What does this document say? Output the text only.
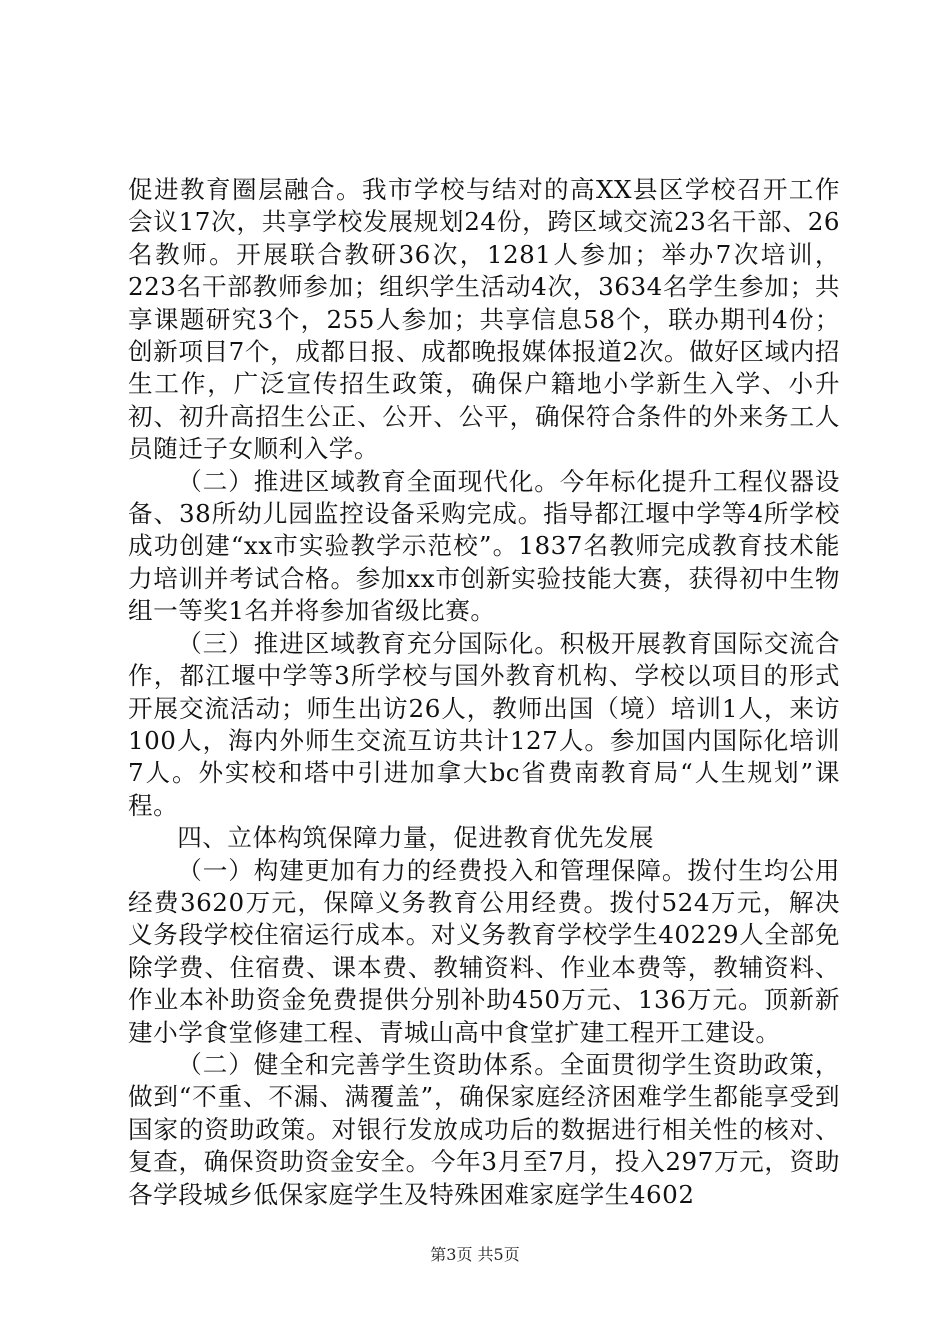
促进教育圈层融合。我市学校与结对的高XX县区学校召开工作会议17次，共享学校发展规划24份，跨区域交流23名干部、26名教师。开展联合教研36次，1281人参加；举办7次培训，223名干部教师参加；组织学生活动4次，3634名学生参加；共享课题研究3个，255人参加；共享信息58个，联办期刊4份；创新项目7个，成都日报、成都晚报媒体报道2次。做好区域内招生工作，广泛宣传招生政策，确保户籍地小学新生入学、小升初、初升高招生公正、公开、公平，确保符合条件的外来务工人员随迁子女顺利入学。

（二）推进区域教育全面现代化。今年标化提升工程仪器设备、38所幼儿园监控设备采购完成。指导都江堰中学等4所学校成功创建“xx市实验教学示范校”。1837名教师完成教育技术能力培训并考试合格。参加xx市创新实验技能大赛，获得初中生物组一等奖1名并将参加省级比赛。

（三）推进区域教育充分国际化。积极开展教育国际交流合作，都江堰中学等3所学校与国外教育机构、学校以项目的形式开展交流活动；师生出访26人，教师出国（境）培训1人，来访100人，海内外师生交流互访共计127人。参加国内国际化培训7人。外实校和塔中引进加拿大bc省费南教育局“人生规划”课程。

四、立体构筑保障力量，促进教育优先发展

（一）构建更加有力的经费投入和管理保障。拨付生均公用经费3620万元，保障义务教育公用经费。拨付524万元，解决义务段学校住宿运行成本。对义务教育学校学生40229人全部免除学费、住宿费、课本费、教辅资料、作业本费等，教辅资料、作业本补助资金免费提供分别补助450万元、136万元。顶新新建小学食堂修建工程、青城山高中食堂扩建工程开工建设。

（二）健全和完善学生资助体系。全面贯彻学生资助政策，做到“不重、不漏、满覆盖”，确保家庭经济困难学生都能享受到国家的资助政策。对银行发放成功后的数据进行相关性的核对、复查，确保资助资金安全。今年3月至7月，投入297万元，资助各学段城乡低保家庭学生及特殊困难家庭学生4602

第3页 共5页
